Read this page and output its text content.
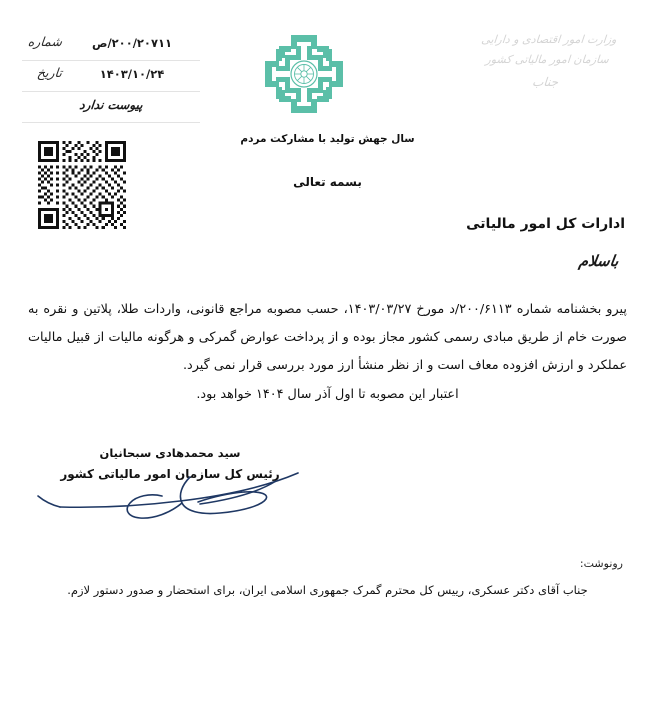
وزارت امور اقتصادی و دارایی
سازمان امور مالیاتی کشور
جناب
شماره	۲۰۰/۲۰۷۱۱/ص
تاریخ	۱۴۰۳/۱۰/۲۴
پیوست ندارد
سال جهش تولید با مشارکت مردم
بسمه تعالی
ادارات کل امور مالیاتی
باسلام

پیرو بخشنامه شماره ۲۰۰/۶۱۱۳/د مورخ ۱۴۰۳/۰۳/۲۷، حسب مصوبه مراجع قانونی، واردات طلا، پلاتین و نقره به صورت خام از طریق مبادی رسمی کشور مجاز بوده و از پرداخت عوارض گمرکی و هرگونه مالیات از قبیل مالیات عملکرد و ارزش افزوده معاف است و از نظر منشأ ارز مورد بررسی قرار نمی گیرد.

اعتبار این مصوبه تا اول آذر سال ۱۴۰۴ خواهد بود.
سید محمدهادی سبحانیان
رئیس کل سازمان امور مالیاتی کشور
رونوشت:
جناب آقای دکتر عسکری، رییس کل محترم گمرک جمهوری اسلامی ایران، برای استحضار و صدور دستور لازم.
